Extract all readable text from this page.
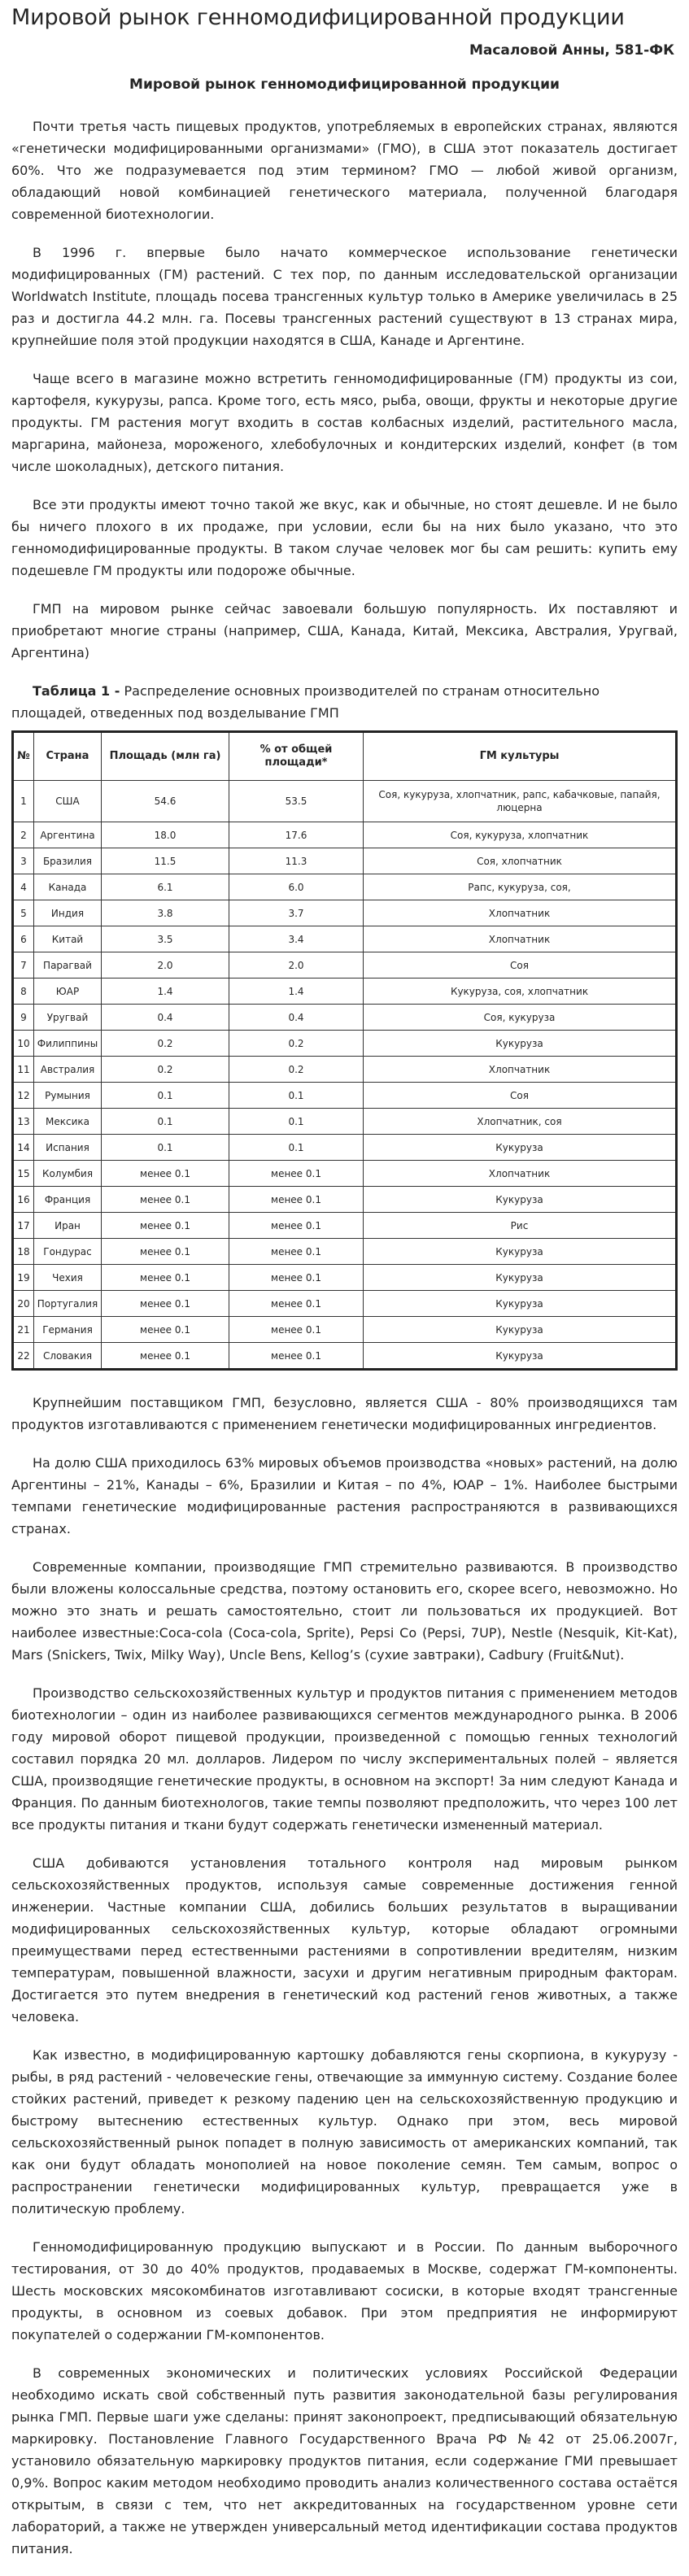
Мировой рынок генномодифицированной продукции
Масаловой Анны, 581-ФК
Мировой рынок генномодифицированной продукции

Почти третья часть пищевых продуктов, употребляемых в европейских странах, являются «генетически модифицированными организмами» (ГМО), в США этот показатель достигает 60%. Что же подразумевается под этим термином? ГМО — любой живой организм, обладающий новой комбинацией генетического материала, полученной благодаря современной биотехнологии.

В 1996 г. впервые было начато коммерческое использование генетически модифицированных (ГМ) растений. С тех пор, по данным исследовательской организации Worldwatch Institute, площадь посева трансгенных культур только в Америке увеличилась в 25 раз и достигла 44.2 млн. га. Посевы трансгенных растений существуют в 13 странах мира, крупнейшие поля этой продукции находятся в США, Канаде и Аргентине.

Чаще всего в магазине можно встретить генномодифицированные (ГМ) продукты из сои, картофеля, кукурузы, рапса. Кроме того, есть мясо, рыба, овощи, фрукты и некоторые другие продукты. ГМ растения могут входить в состав колбасных изделий, растительного масла, маргарина, майонеза, мороженого, хлебобулочных и кондитерских изделий, конфет (в том числе шоколадных), детского питания.

Все эти продукты имеют точно такой же вкус, как и обычные, но стоят дешевле. И не было бы ничего плохого в их продаже, при условии, если бы на них было указано, что это генномодифицированные продукты. В таком случае человек мог бы сам решить: купить ему подешевле ГМ продукты или подороже обычные.

ГМП на мировом рынке сейчас завоевали большую популярность. Их поставляют и приобретают многие страны (например, США, Канада, Китай, Мексика, Австралия, Уругвай, Аргентина)

Таблица 1 - Распределение основных производителей по странам относительно площадей, отведенных под возделывание ГМП
№	Страна	Площадь (млн га)	% от общей площади*	ГМ культуры
1	США	54.6	53.5	Соя, кукуруза, хлопчатник, рапс, кабачковые, папайя, люцерна
2	Аргентина	18.0	17.6	Соя, кукуруза, хлопчатник
3	Бразилия	11.5	11.3	Соя, хлопчатник
4	Канада	6.1	6.0	Рапс, кукуруза, соя,
5	Индия	3.8	3.7	Хлопчатник
6	Китай	3.5	3.4	Хлопчатник
7	Парагвай	2.0	2.0	Соя
8	ЮАР	1.4	1.4	Кукуруза, соя, хлопчатник
9	Уругвай	0.4	0.4	Соя, кукуруза
10	Филиппины	0.2	0.2	Кукуруза
11	Австралия	0.2	0.2	Хлопчатник
12	Румыния	0.1	0.1	Соя
13	Мексика	0.1	0.1	Хлопчатник, соя
14	Испания	0.1	0.1	Кукуруза
15	Колумбия	менее 0.1	менее 0.1	Хлопчатник
16	Франция	менее 0.1	менее 0.1	Кукуруза
17	Иран	менее 0.1	менее 0.1	Рис
18	Гондурас	менее 0.1	менее 0.1	Кукуруза
19	Чехия	менее 0.1	менее 0.1	Кукуруза
20	Португалия	менее 0.1	менее 0.1	Кукуруза
21	Германия	менее 0.1	менее 0.1	Кукуруза
22	Словакия	менее 0.1	менее 0.1	Кукуруза

Крупнейшим поставщиком ГМП, безусловно, является США - 80% производящихся там продуктов изготавливаются с применением генетически модифицированных ингредиентов.

На долю США приходилось 63% мировых объемов производства «новых» растений, на долю Аргентины – 21%, Канады – 6%, Бразилии и Китая – по 4%, ЮАР – 1%. Наиболее быстрыми темпами генетические модифицированные растения распространяются в развивающихся странах.

Современные компании, производящие ГМП стремительно развиваются. В производство были вложены колоссальные средства, поэтому остановить его, скорее всего, невозможно. Но можно это знать и решать самостоятельно, стоит ли пользоваться их продукцией. Вот наиболее известные:Coca-cola (Coca-cola, Sprite), Pepsi Co (Pepsi, 7UP), Nestle (Nesquik, Kit-Kat), Mars (Snickers, Twix, Milky Way), Uncle Bens, Kellog’s (сухие завтраки), Cadbury (Fruit&Nut).

Производство сельскохозяйственных культур и продуктов питания с применением методов биотехнологии – один из наиболее развивающихся сегментов международного рынка. В 2006 году мировой оборот пищевой продукции, произведенной с помощью генных технологий составил порядка 20 мл. долларов. Лидером по числу экспериментальных полей – является США, производящие генетические продукты, в основном на экспорт! За ним следуют Канада и Франция. По данным биотехнологов, такие темпы позволяют предположить, что через 100 лет все продукты питания и ткани будут содержать генетически измененный материал.

США добиваются установления тотального контроля над мировым рынком сельскохозяйственных продуктов, используя самые современные достижения генной инженерии. Частные компании США, добились больших результатов в выращивании модифицированных сельскохозяйственных культур, которые обладают огромными преимуществами перед естественными растениями в сопротивлении вредителям, низким температурам, повышенной влажности, засухи и другим негативным природным факторам. Достигается это путем внедрения в генетический код растений генов животных, а также человека.

Как известно, в модифицированную картошку добавляются гены скорпиона, в кукурузу - рыбы, в ряд растений - человеческие гены, отвечающие за иммунную систему. Создание более стойких растений, приведет к резкому падению цен на сельскохозяйственную продукцию и быстрому вытеснению естественных культур. Однако при этом, весь мировой сельскохозяйственный рынок попадет в полную зависимость от американских компаний, так как они будут обладать монополией на новое поколение семян. Тем самым, вопрос о распространении генетически модифицированных культур, превращается уже в политическую проблему.

Генномодифицированную продукцию выпускают и в России. По данным выборочного тестирования, от 30 до 40% продуктов, продаваемых в Москве, содержат ГМ-компоненты. Шесть московских мясокомбинатов изготавливают сосиски, в которые входят трансгенные продукты, в основном из соевых добавок. При этом предприятия не информируют покупателей о содержании ГМ-компонентов.

В современных экономических и политических условиях Российской Федерации необходимо искать свой собственный путь развития законодательной базы регулирования рынка ГМП. Первые шаги уже сделаны: принят законопроект, предписывающий обязательную маркировку. Постановление Главного Государственного Врача РФ №42 от 25.06.2007г, установило обязательную маркировку продуктов питания, если содержание ГМИ превышает 0,9%. Вопрос каким методом необходимо проводить анализ количественного состава остаётся открытым, в связи с тем, что нет аккредитованных на государственном уровне сети лабораторий, а также не утвержден универсальный метод идентификации состава продуктов питания.
